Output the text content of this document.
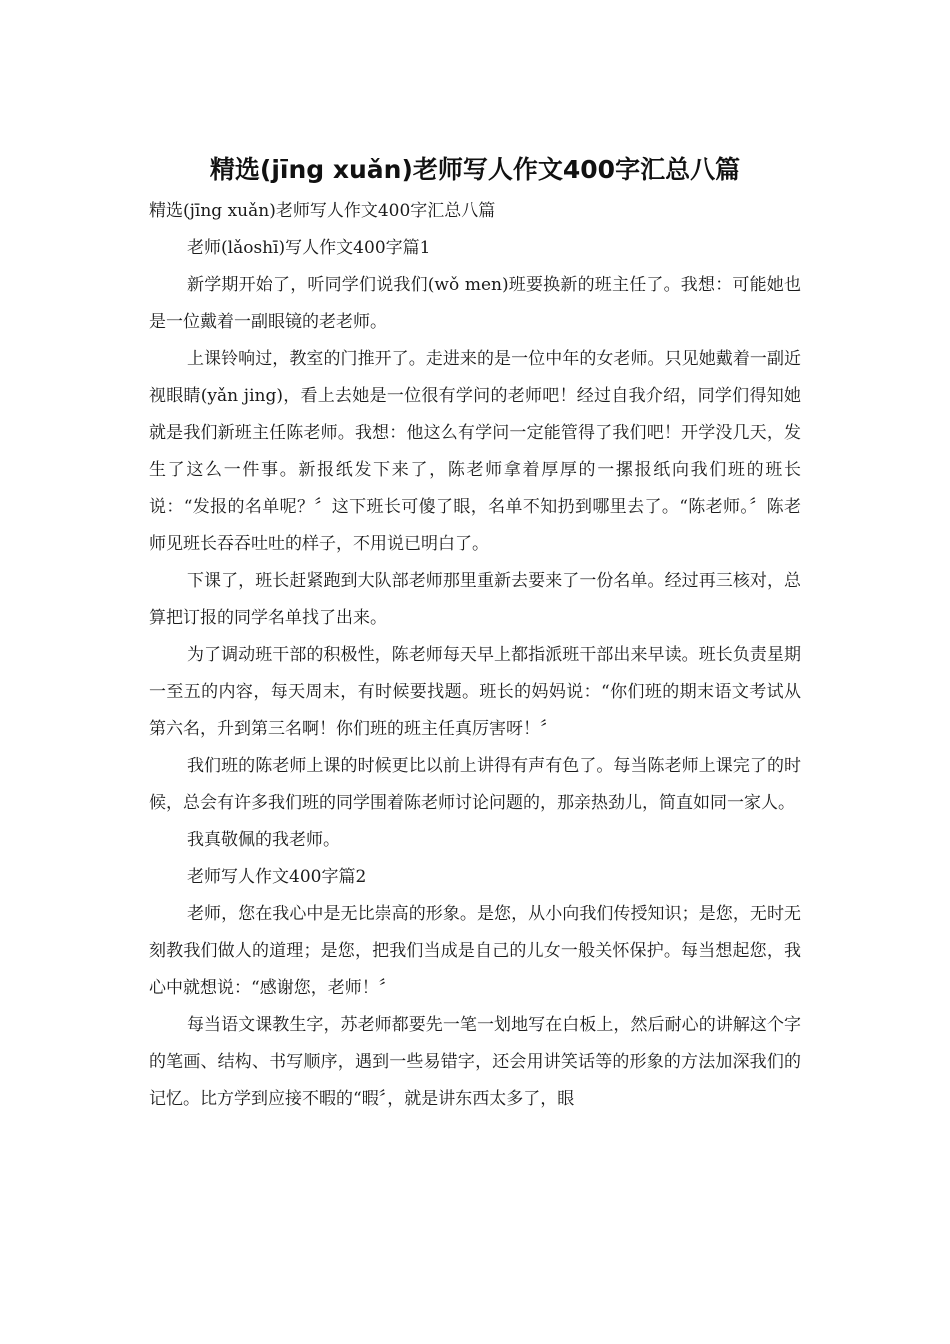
精选(jīng xuǎn)老师写人作文400字汇总八篇

精选(jīng xuǎn)老师写人作文400字汇总八篇

老师(lǎoshī)写人作文400字篇1

新学期开始了，听同学们说我们(wǒ men)班要换新的班主任了。我想：可能她也是一位戴着一副眼镜的老老师。

上课铃响过，教室的门推开了。走进来的是一位中年的女老师。只见她戴着一副近视眼睛(yǎn jing)，看上去她是一位很有学问的老师吧！经过自我介绍，同学们得知她就是我们新班主任陈老师。我想：他这么有学问一定能管得了我们吧！开学没几天，发生了这么一件事。新报纸发下来了，陈老师拿着厚厚的一摞报纸向我们班的班长说：“发报的名单呢？〞这下班长可傻了眼，名单不知扔到哪里去了。“陈老师。〞陈老师见班长吞吞吐吐的样子，不用说已明白了。

下课了，班长赶紧跑到大队部老师那里重新去要来了一份名单。经过再三核对，总算把订报的同学名单找了出来。

为了调动班干部的积极性，陈老师每天早上都指派班干部出来早读。班长负责星期一至五的内容，每天周末，有时候要找题。班长的妈妈说：“你们班的期末语文考试从第六名，升到第三名啊！你们班的班主任真厉害呀！〞

我们班的陈老师上课的时候更比以前上讲得有声有色了。每当陈老师上课完了的时候，总会有许多我们班的同学围着陈老师讨论问题的，那亲热劲儿，简直如同一家人。

我真敬佩的我老师。

老师写人作文400字篇2

老师，您在我心中是无比崇高的形象。是您，从小向我们传授知识；是您，无时无刻教我们做人的道理；是您，把我们当成是自己的儿女一般关怀保护。每当想起您，我心中就想说：“感谢您，老师！〞

每当语文课教生字，苏老师都要先一笔一划地写在白板上，然后耐心的讲解这个字的笔画、结构、书写顺序，遇到一些易错字，还会用讲笑话等的形象的方法加深我们的记忆。比方学到应接不暇的“暇〞，就是讲东西太多了，眼
